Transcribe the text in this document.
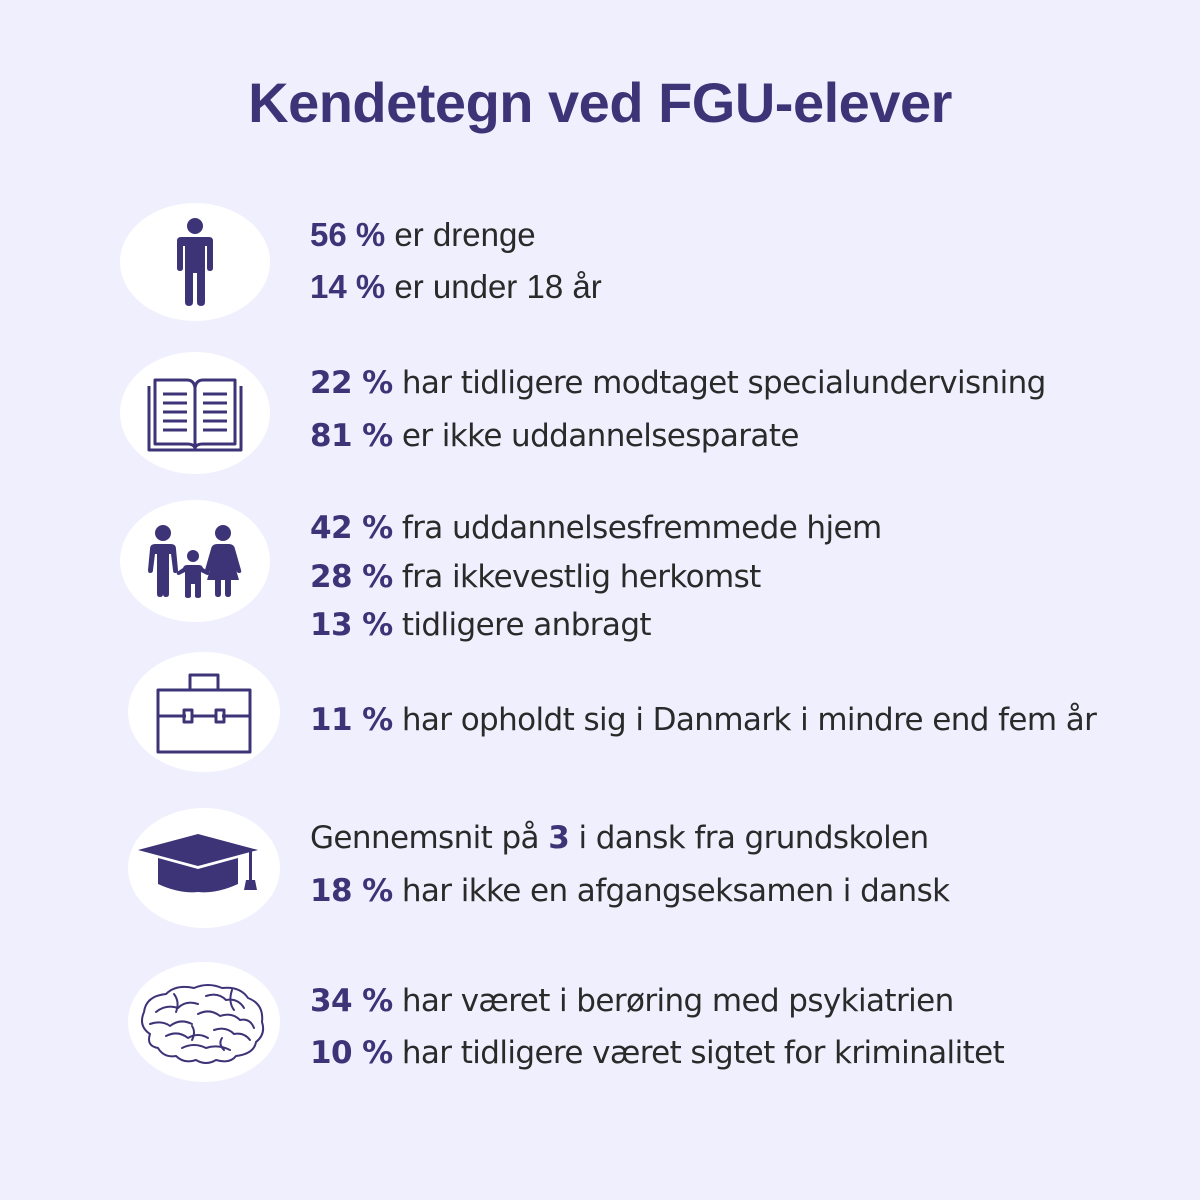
Kendetegn ved FGU-elever
56 % er drenge
14 % er under 18 år
22 % har tidligere modtaget specialundervisning
81 % er ikke uddannelsesparate
42 % fra uddannelsesfremmede hjem
28 % fra ikkevestlig herkomst
13 % tidligere anbragt
11 % har opholdt sig i Danmark i mindre end fem år
Gennemsnit på 3 i dansk fra grundskolen
18 % har ikke en afgangseksamen i dansk
34 % har været i berøring med psykiatrien
10 % har tidligere været sigtet for kriminalitet
